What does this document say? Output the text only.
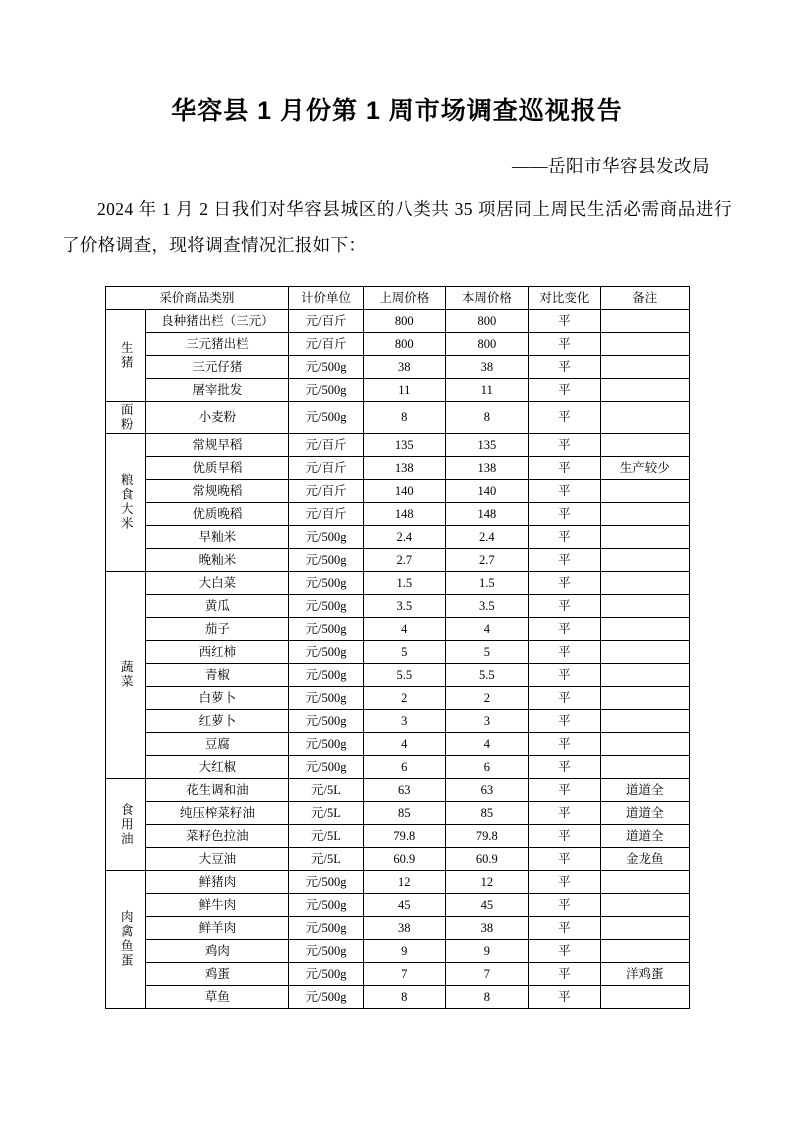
华容县 1 月份第 1 周市场调查巡视报告
——岳阳市华容县发改局

2024 年 1 月 2 日我们对华容县城区的八类共 35 项居同上周民生活必需商品进行了价格调查，现将调查情况汇报如下：

采价商品类别		计价单位	上周价格	本周价格	对比变化	备注

生猪	良种猪出栏（三元）	元/百斤	800	800	平	
	三元猪出栏	元/百斤	800	800	平	
	三元仔猪	元/500g	38	38	平	
	屠宰批发	元/500g	11	11	平	

面粉	小麦粉	元/500g	8	8	平	

粮食大米	常规早稻	元/百斤	135	135	平	
	优质早稻	元/百斤	138	138	平	生产较少
	常规晚稻	元/百斤	140	140	平	
	优质晚稻	元/百斤	148	148	平	
	早籼米	元/500g	2.4	2.4	平	
	晚籼米	元/500g	2.7	2.7	平	

蔬菜	大白菜	元/500g	1.5	1.5	平	
	黄瓜	元/500g	3.5	3.5	平	
	茄子	元/500g	4	4	平	
	西红柿	元/500g	5	5	平	
	青椒	元/500g	5.5	5.5	平	
	白萝卜	元/500g	2	2	平	
	红萝卜	元/500g	3	3	平	
	豆腐	元/500g	4	4	平	
	大红椒	元/500g	6	6	平	

食用油	花生调和油	元/5L	63	63	平	道道全
	纯压榨菜籽油	元/5L	85	85	平	道道全
	菜籽色拉油	元/5L	79.8	79.8	平	道道全
	大豆油	元/5L	60.9	60.9	平	金龙鱼

肉禽鱼蛋	鲜猪肉	元/500g	12	12	平	
	鲜牛肉	元/500g	45	45	平	
	鲜羊肉	元/500g	38	38	平	
	鸡肉	元/500g	9	9	平	
	鸡蛋	元/500g	7	7	平	洋鸡蛋
	草鱼	元/500g	8	8	平	
